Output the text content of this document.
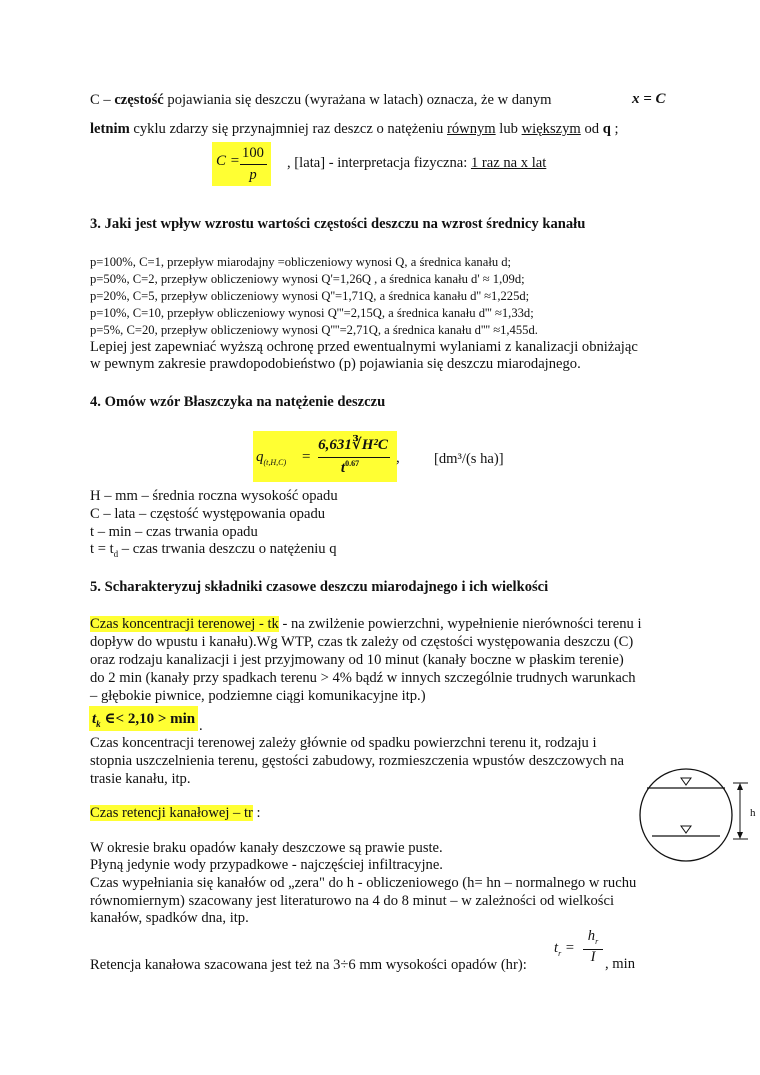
C – częstość pojawiania się deszczu (wyrażana w latach) oznacza, że w danym	x = C
letnim cyklu zdarzy się przynajmniej raz deszcz o natężeniu równym lub większym od q ;
C = 100
p
, [lata] - interpretacja fizyczna: 1 raz na x lat
3. Jaki jest wpływ wzrostu wartości częstości deszczu na wzrost średnicy kanału
p=100%, C=1, przepływ miarodajny =obliczeniowy wynosi Q, a średnica kanału d;
p=50%, C=2, przepływ obliczeniowy wynosi Q'=1,26Q , a średnica kanału d' ≈ 1,09d;
p=20%, C=5, przepływ obliczeniowy wynosi Q''=1,71Q, a średnica kanału d'' ≈1,225d;
p=10%, C=10, przepływ obliczeniowy wynosi Q'''=2,15Q, a średnica kanału d''' ≈1,33d;
p=5%, C=20, przepływ obliczeniowy wynosi Q''''=2,71Q, a średnica kanału d'''' ≈1,455d.
Lepiej jest zapewniać wyższą ochronę przed ewentualnymi wylaniami z kanalizacji obniżając
w pewnym zakresie prawdopodobieństwo (p) pojawiania się deszczu miarodajnego.
4. Omów wzór Błaszczyka na natężenie deszczu
$q_{(t,H,C)}$ =
6,631∛H²C
$t^{0.67}$	, [dm³/(s ha)]
H – mm – średnia roczna wysokość opadu
C – lata – częstość występowania opadu
t – min – czas trwania opadu
$t = t_d$ – czas trwania deszczu o natężeniu q
5. Scharakteryzuj składniki czasowe deszczu miarodajnego i ich wielkości
Czas koncentracji terenowej - tk - na zwilżenie powierzchni, wypełnienie nierówności terenu i
dopływ do wpustu i kanału).Wg WTP, czas tk zależy od częstości występowania deszczu (C)
oraz rodzaju kanalizacji i jest przyjmowany od 10 minut (kanały boczne w płaskim terenie)
do 2 min (kanały przy spadkach terenu > 4% bądź w innych szczególnie trudnych warunkach
– głębokie piwnice, podziemne ciągi komunikacyjne itp.)
$t_k$ ∈< 2,10 > min .
Czas koncentracji terenowej zależy głównie od spadku powierzchni terenu it, rodzaju i
stopnia uszczelnienia terenu, gęstości zabudowy, rozmieszczenia wpustów deszczowych na
trasie kanału, itp.
h
Czas retencji kanałowej – tr :
W okresie braku opadów kanały deszczowe są prawie puste.
Płyną jedynie wody przypadkowe - najczęściej infiltracyjne.
Czas wypełniania się kanałów od „zera" do h - obliczeniowego (h= hn – normalnego w ruchu
równomiernym) szacowany jest literaturowo na 4 do 8 minut – w zależności od wielkości
kanałów, spadków dna, itp.
Retencja kanałowa szacowana jest też na 3÷6 mm wysokości opadów (hr):
$t_r$ =
$h_r$
I , min
